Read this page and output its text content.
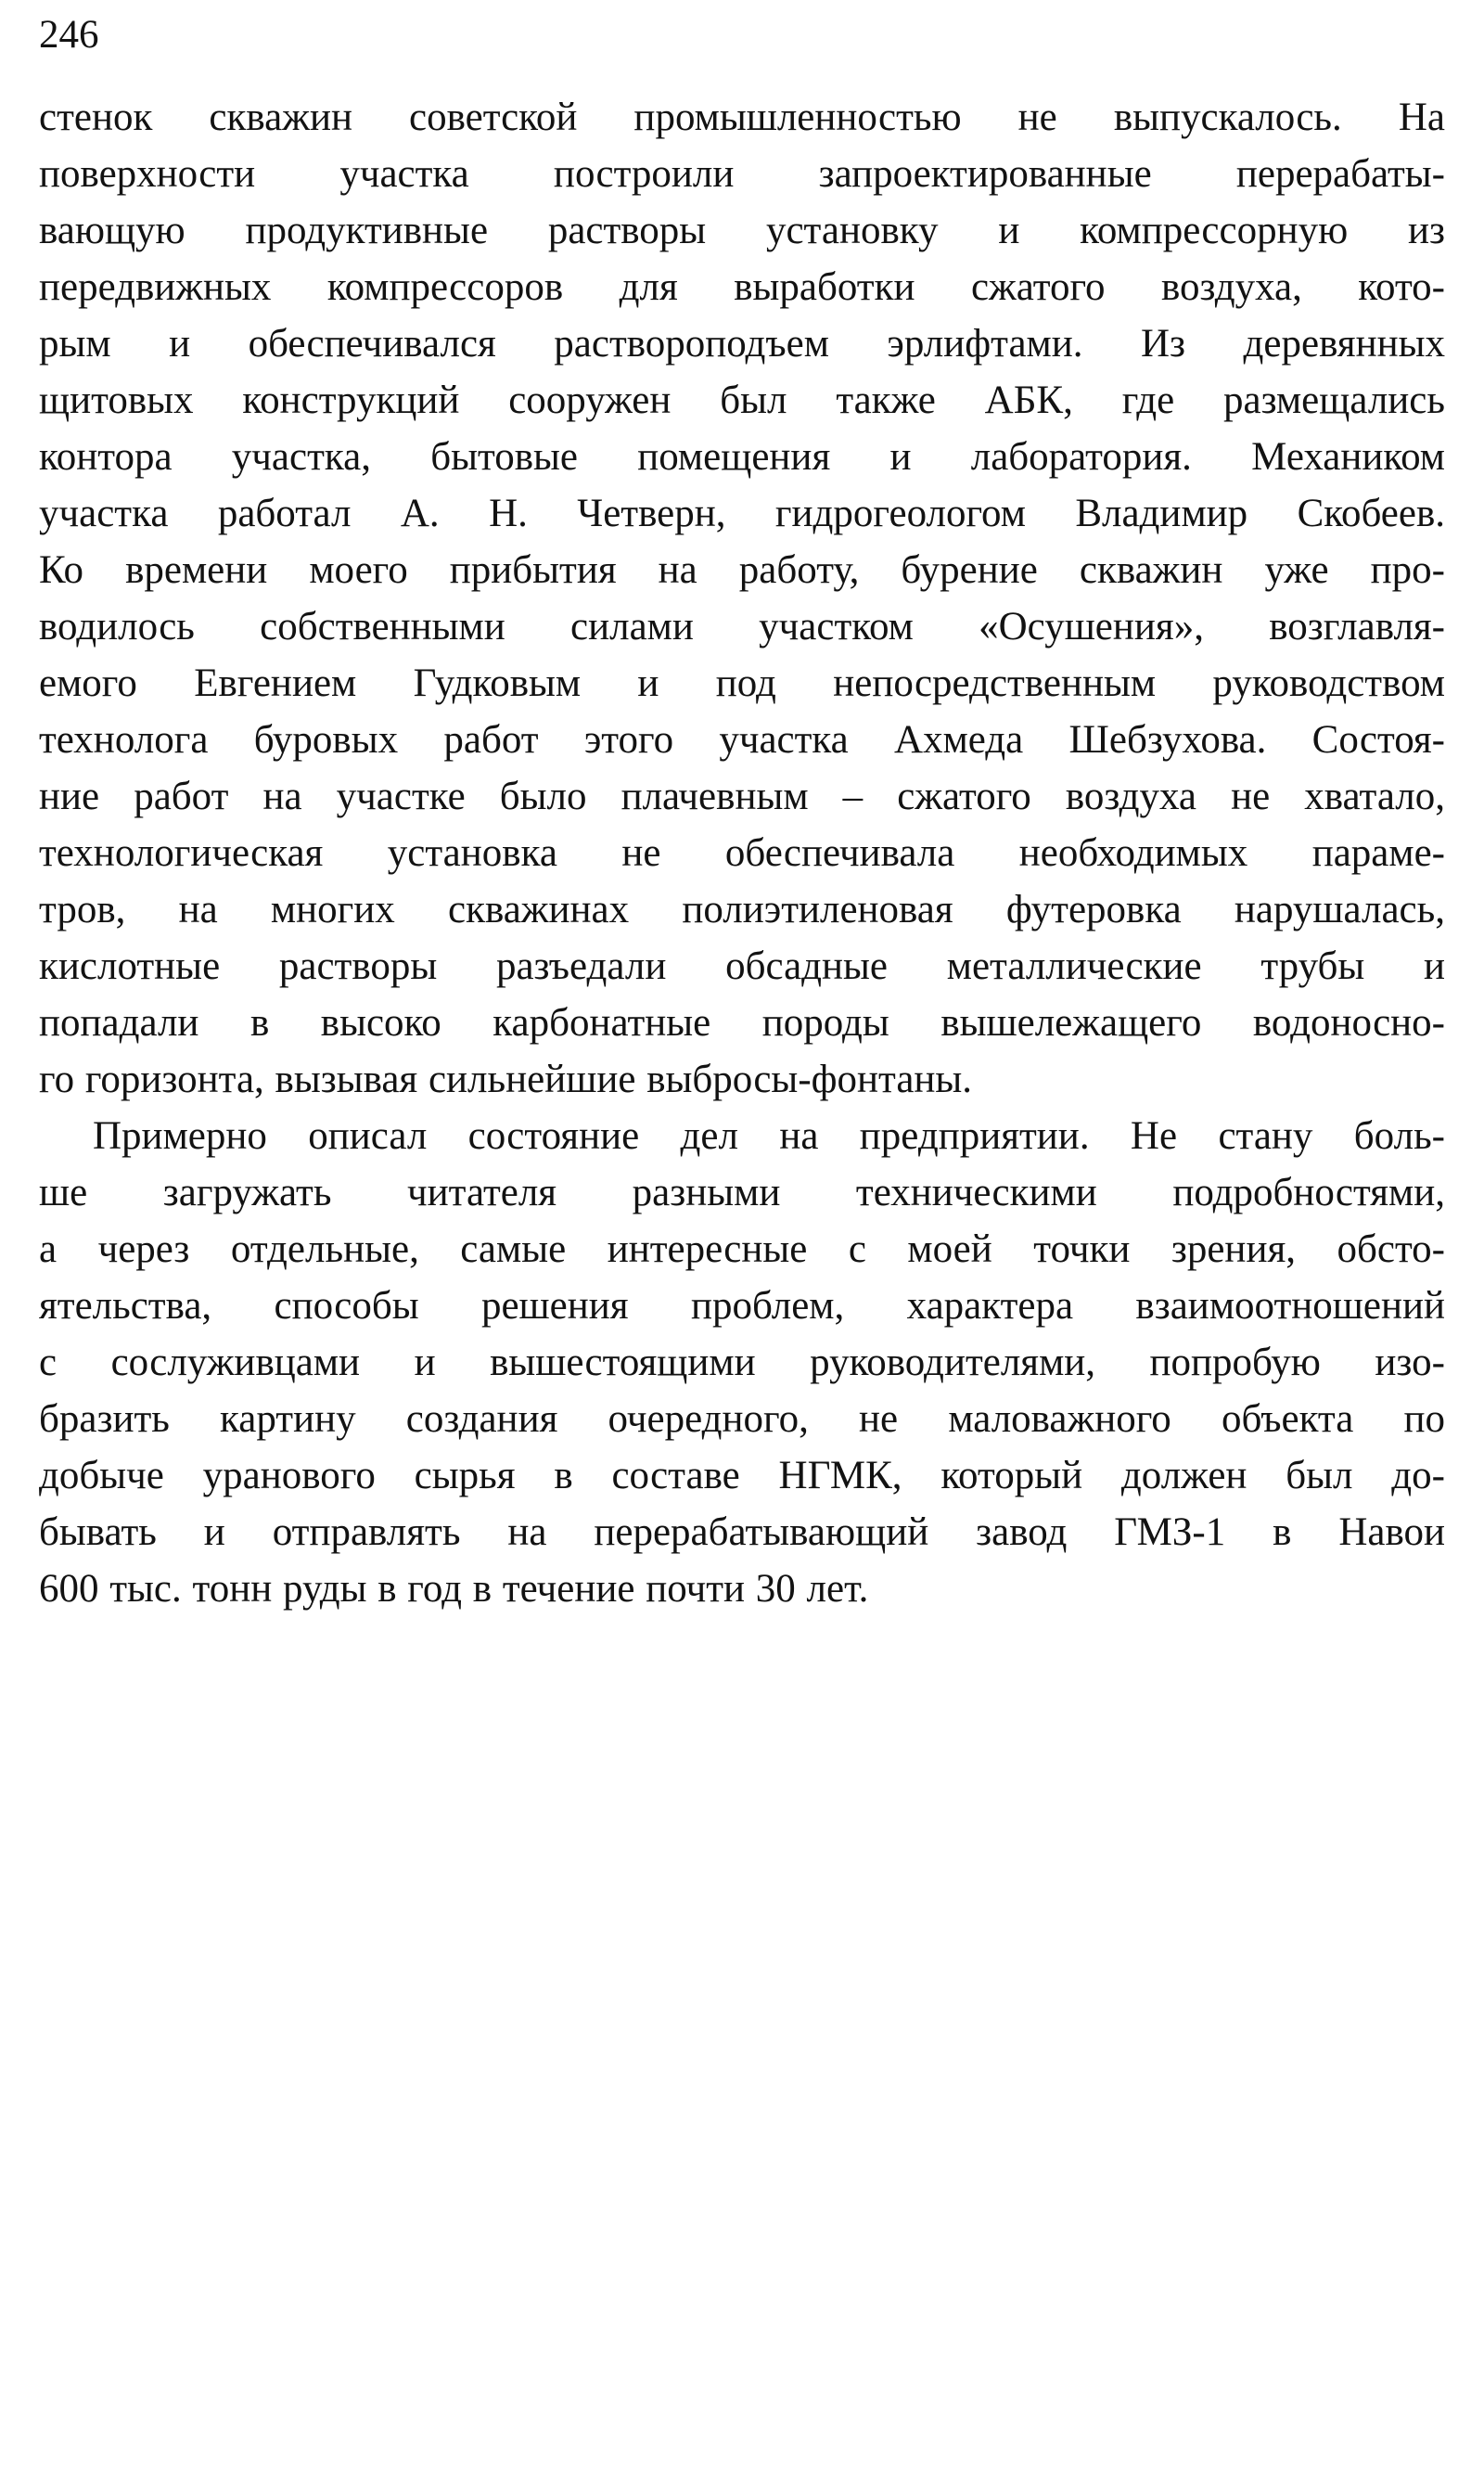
246
стенок скважин советской промышленностью не выпускалось. На
поверхности участка построили запроектированные перерабаты-
вающую продуктивные растворы установку и компрессорную из
передвижных компрессоров для выработки сжатого воздуха, кото-
рым и обеспечивался раствороподъем эрлифтами. Из деревянных
щитовых конструкций сооружен был также АБК, где размещались
контора участка, бытовые помещения и лаборатория. Механиком
участка работал А. Н. Четверн, гидрогеологом Владимир Скобеев.
Ко времени моего прибытия на работу, бурение скважин уже про-
водилось собственными силами участком «Осушения», возглавля-
емого Евгением Гудковым и под непосредственным руководством
технолога буровых работ этого участка Ахмеда Шебзухова. Состоя-
ние работ на участке было плачевным – сжатого воздуха не хватало,
технологическая установка не обеспечивала необходимых параме-
тров, на многих скважинах полиэтиленовая футеровка нарушалась,
кислотные растворы разъедали обсадные металлические трубы и
попадали в высоко карбонатные породы вышележащего водоносно-
го горизонта, вызывая сильнейшие выбросы-фонтаны.
Примерно описал состояние дел на предприятии. Не стану боль-
ше загружать читателя разными техническими подробностями,
а через отдельные, самые интересные с моей точки зрения, обсто-
ятельства, способы решения проблем, характера взаимоотношений
с сослуживцами и вышестоящими руководителями, попробую изо-
бразить картину создания очередного, не маловажного объекта по
добыче уранового сырья в составе НГМК, который должен был до-
бывать и отправлять на перерабатывающий завод ГМЗ-1 в Навои
600 тыс. тонн руды в год в течение почти 30 лет.
